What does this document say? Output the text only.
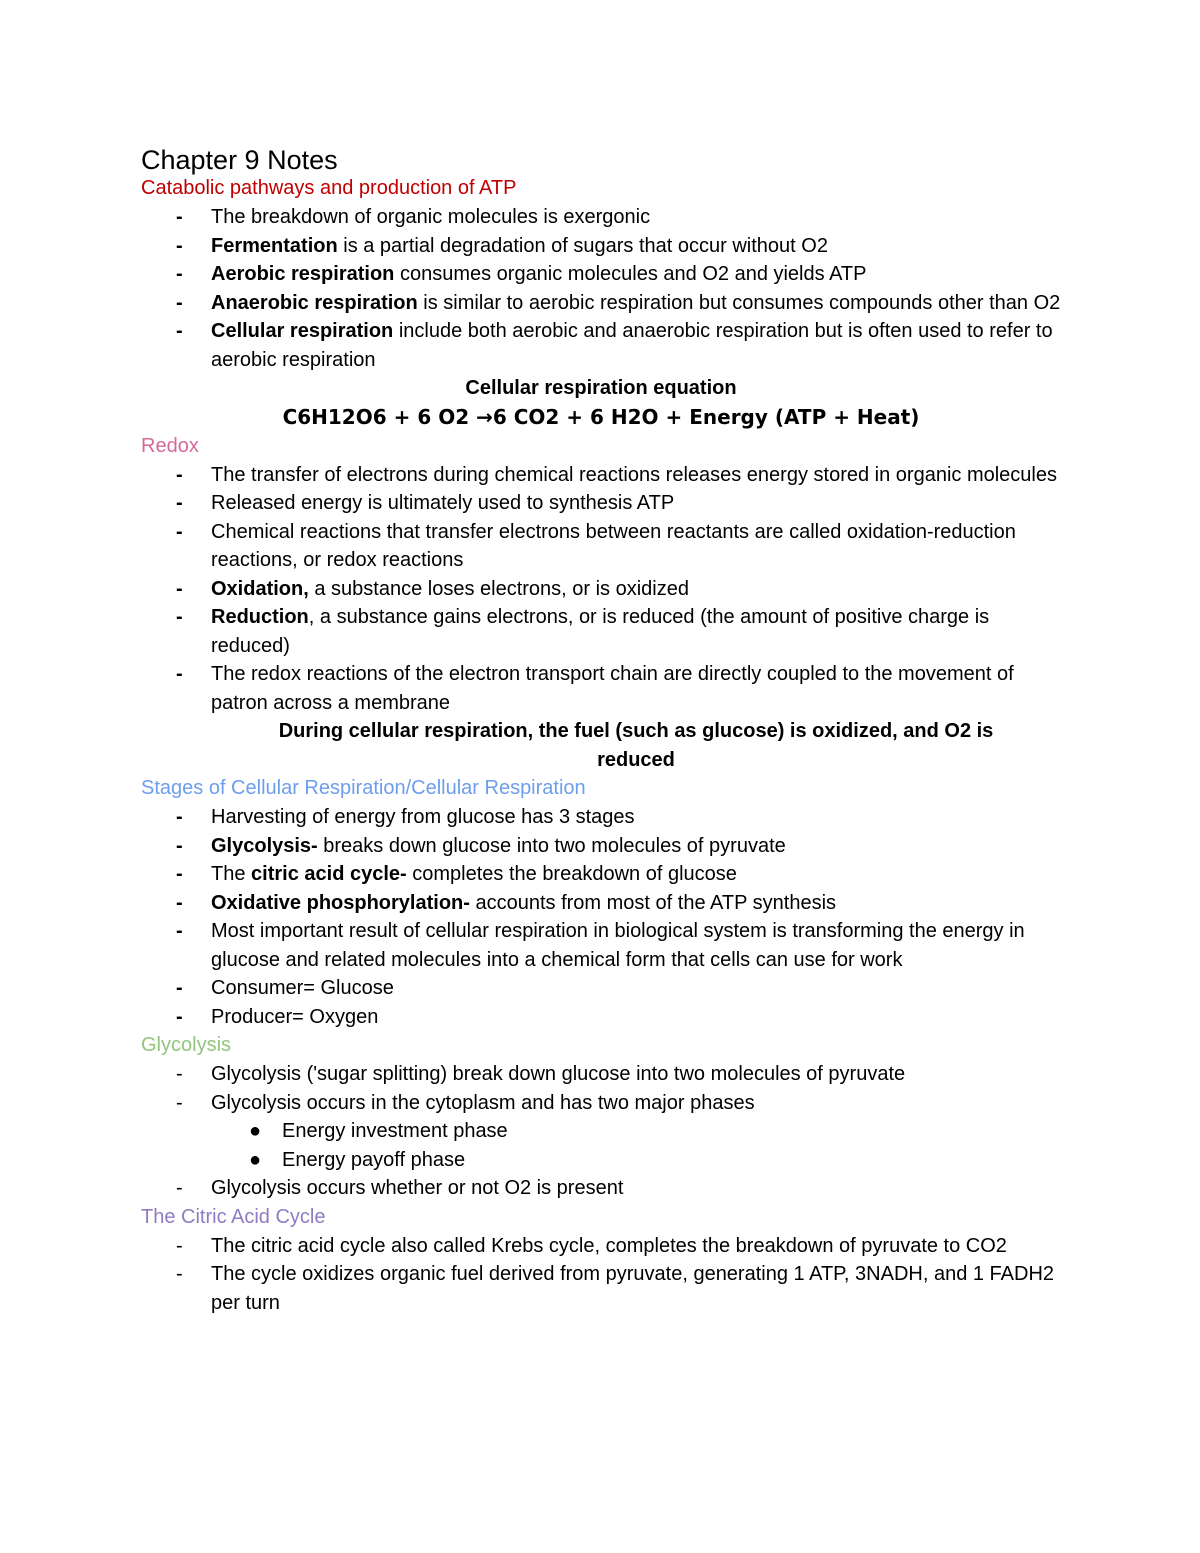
Chapter 9 Notes
Catabolic pathways and production of ATP
- The breakdown of organic molecules is exergonic
- Fermentation is a partial degradation of sugars that occur without O2
- Aerobic respiration consumes organic molecules and O2 and yields ATP
- Anaerobic respiration is similar to aerobic respiration but consumes compounds other than O2
- Cellular respiration include both aerobic and anaerobic respiration but is often used to refer to aerobic respiration
Cellular respiration equation
C6H12O6 + 6 O2 →6 CO2 + 6 H2O + Energy (ATP + Heat)
Redox
- The transfer of electrons during chemical reactions releases energy stored in organic molecules
- Released energy is ultimately used to synthesis ATP
- Chemical reactions that transfer electrons between reactants are called oxidation-reduction reactions, or redox reactions
- Oxidation, a substance loses electrons, or is oxidized
- Reduction, a substance gains electrons, or is reduced (the amount of positive charge is reduced)
- The redox reactions of the electron transport chain are directly coupled to the movement of patron across a membrane
During cellular respiration, the fuel (such as glucose) is oxidized, and O2 is reduced
Stages of Cellular Respiration/Cellular Respiration
- Harvesting of energy from glucose has 3 stages
- Glycolysis- breaks down glucose into two molecules of pyruvate
- The citric acid cycle- completes the breakdown of glucose
- Oxidative phosphorylation- accounts from most of the ATP synthesis
- Most important result of cellular respiration in biological system is transforming the energy in glucose and related molecules into a chemical form that cells can use for work
- Consumer= Glucose
- Producer= Oxygen
Glycolysis
- Glycolysis ('sugar splitting) break down glucose into two molecules of pyruvate
- Glycolysis occurs in the cytoplasm and has two major phases
● Energy investment phase
● Energy payoff phase
- Glycolysis occurs whether or not O2 is present
The Citric Acid Cycle
- The citric acid cycle also called Krebs cycle, completes the breakdown of pyruvate to CO2
- The cycle oxidizes organic fuel derived from pyruvate, generating 1 ATP, 3NADH, and 1 FADH2 per turn
